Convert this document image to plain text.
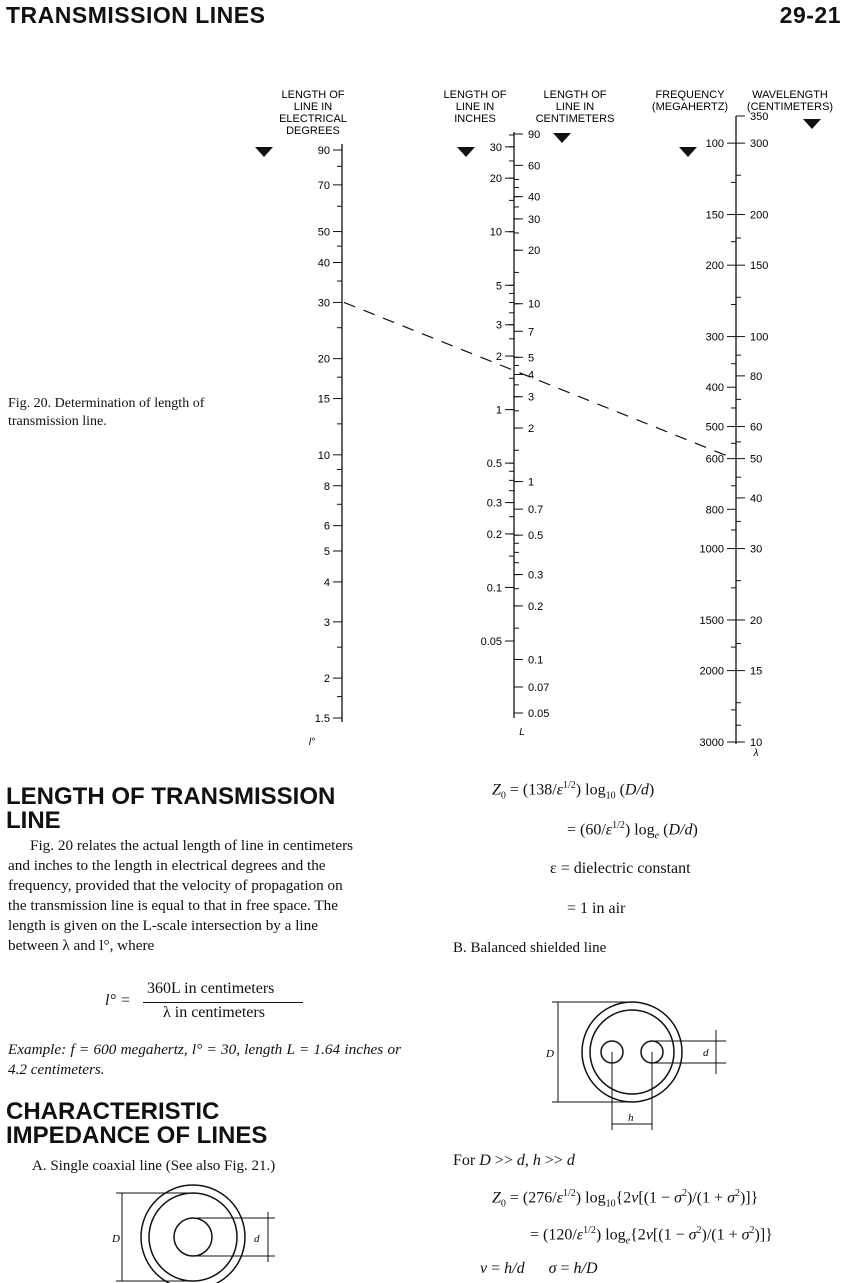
TRANSMISSION LINES	29-21
LENGTH OF
LINE IN
ELECTRICAL
DEGREES
90
70
50
40
30
20
15
10
8
6
5
4
3
2
1.5
l°
LENGTH OF
LINE IN
INCHES
LENGTH OF
LINE IN
CENTIMETERS
90
60
40
30
20
10
7
5
4
3
2
1
0.7
0.5
0.3
0.2
0.1
0.07
0.05
30
20
10
5
3
2
1
0.5
0.3
0.2
0.1
0.05
L
FREQUENCY
(MEGAHERTZ)
WAVELENGTH
(CENTIMETERS)
350
300
200
150
100
80
60
50
40
30
20
15
10
100
150
200
300
400
500
600
800
1000
1500
2000
3000
λ
Fig. 20. Determination of length of transmission line.
LENGTH OF TRANSMISSION
LINE

Fig. 20 relates the actual length of line in centimeters

and inches to the length in electrical degrees and the
frequency, provided that the velocity of propagation on
the transmission line is equal to that in free space. The
length is given on the L-scale intersection by a line
between λ and l°, where
l° =
360L in centimeters
λ in centimeters
Example: f = 600 megahertz, l° = 30, length L = 1.64 inches or 4.2 centimeters.
CHARACTERISTIC
IMPEDANCE OF LINES
A. Single coaxial line (See also Fig. 21.)
D	d
$Z_0 = (138/\varepsilon^{1/2})$ $\log_{10} (D/d)$
= $(60/\varepsilon^{1/2})$ $\log_e (D/d)$
ε = dielectric constant
= 1 in air
B. Balanced shielded line
D	d
h
For D >> d, h >> d
$Z_0 = (276/\varepsilon^{1/2}) \log_{10}\{2v[(1 - \sigma^2)/(1 + \sigma^2)]\}$
= $(120/\varepsilon^{1/2}) \log_e\{2v[(1 - \sigma^2)/(1 + \sigma^2)]\}$
v = h/d σ = h/D
